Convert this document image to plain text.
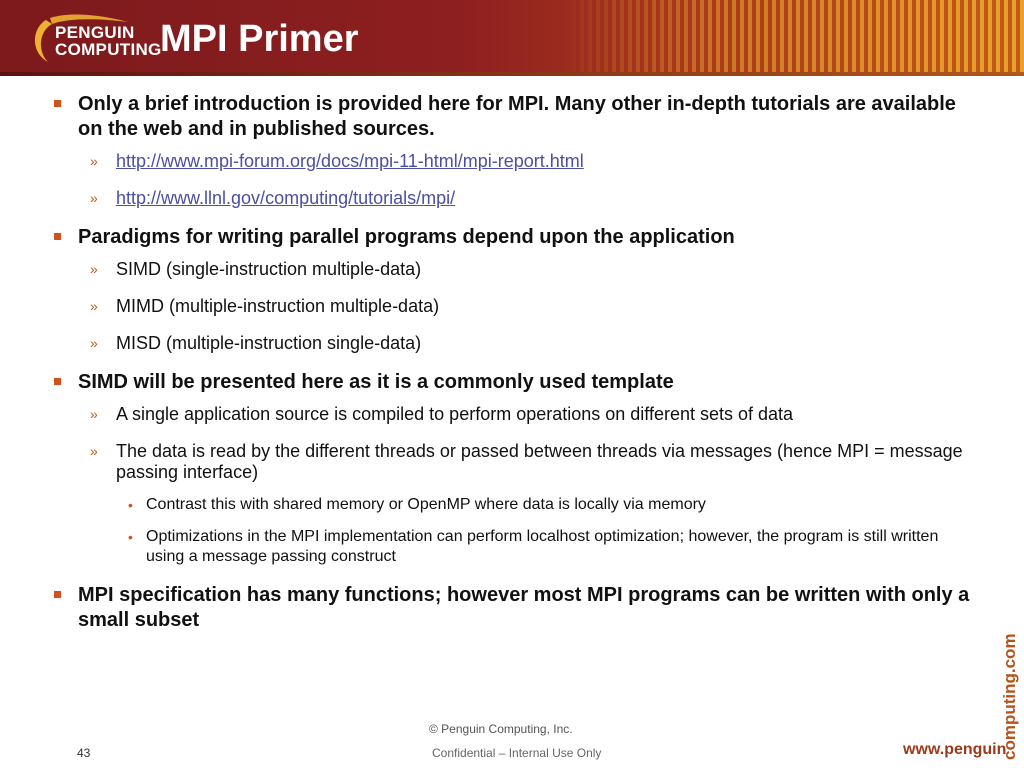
PENGUIN
COMPUTING
MPI Primer
Only a brief introduction is provided here for MPI. Many other in-depth tutorials are available on the web and in published sources.
» http://www.mpi-forum.org/docs/mpi-11-html/mpi-report.html
» http://www.llnl.gov/computing/tutorials/mpi/
Paradigms for writing parallel programs depend upon the application
» SIMD (single-instruction multiple-data)
» MIMD (multiple-instruction multiple-data)
» MISD (multiple-instruction single-data)
SIMD will be presented here as it is a commonly used template
» A single application source is compiled to perform operations on different sets of data
» The data is read by the different threads or passed between threads via messages (hence MPI = message passing interface)
• Contrast this with shared memory or OpenMP where data is locally via memory
• Optimizations in the MPI implementation can perform localhost optimization; however, the program is still written using a message passing construct
MPI specification has many functions; however most MPI programs can be written with only a small subset
computing.com
www.penguin
© Penguin Computing, Inc.
Confidential – Internal Use Only
43
